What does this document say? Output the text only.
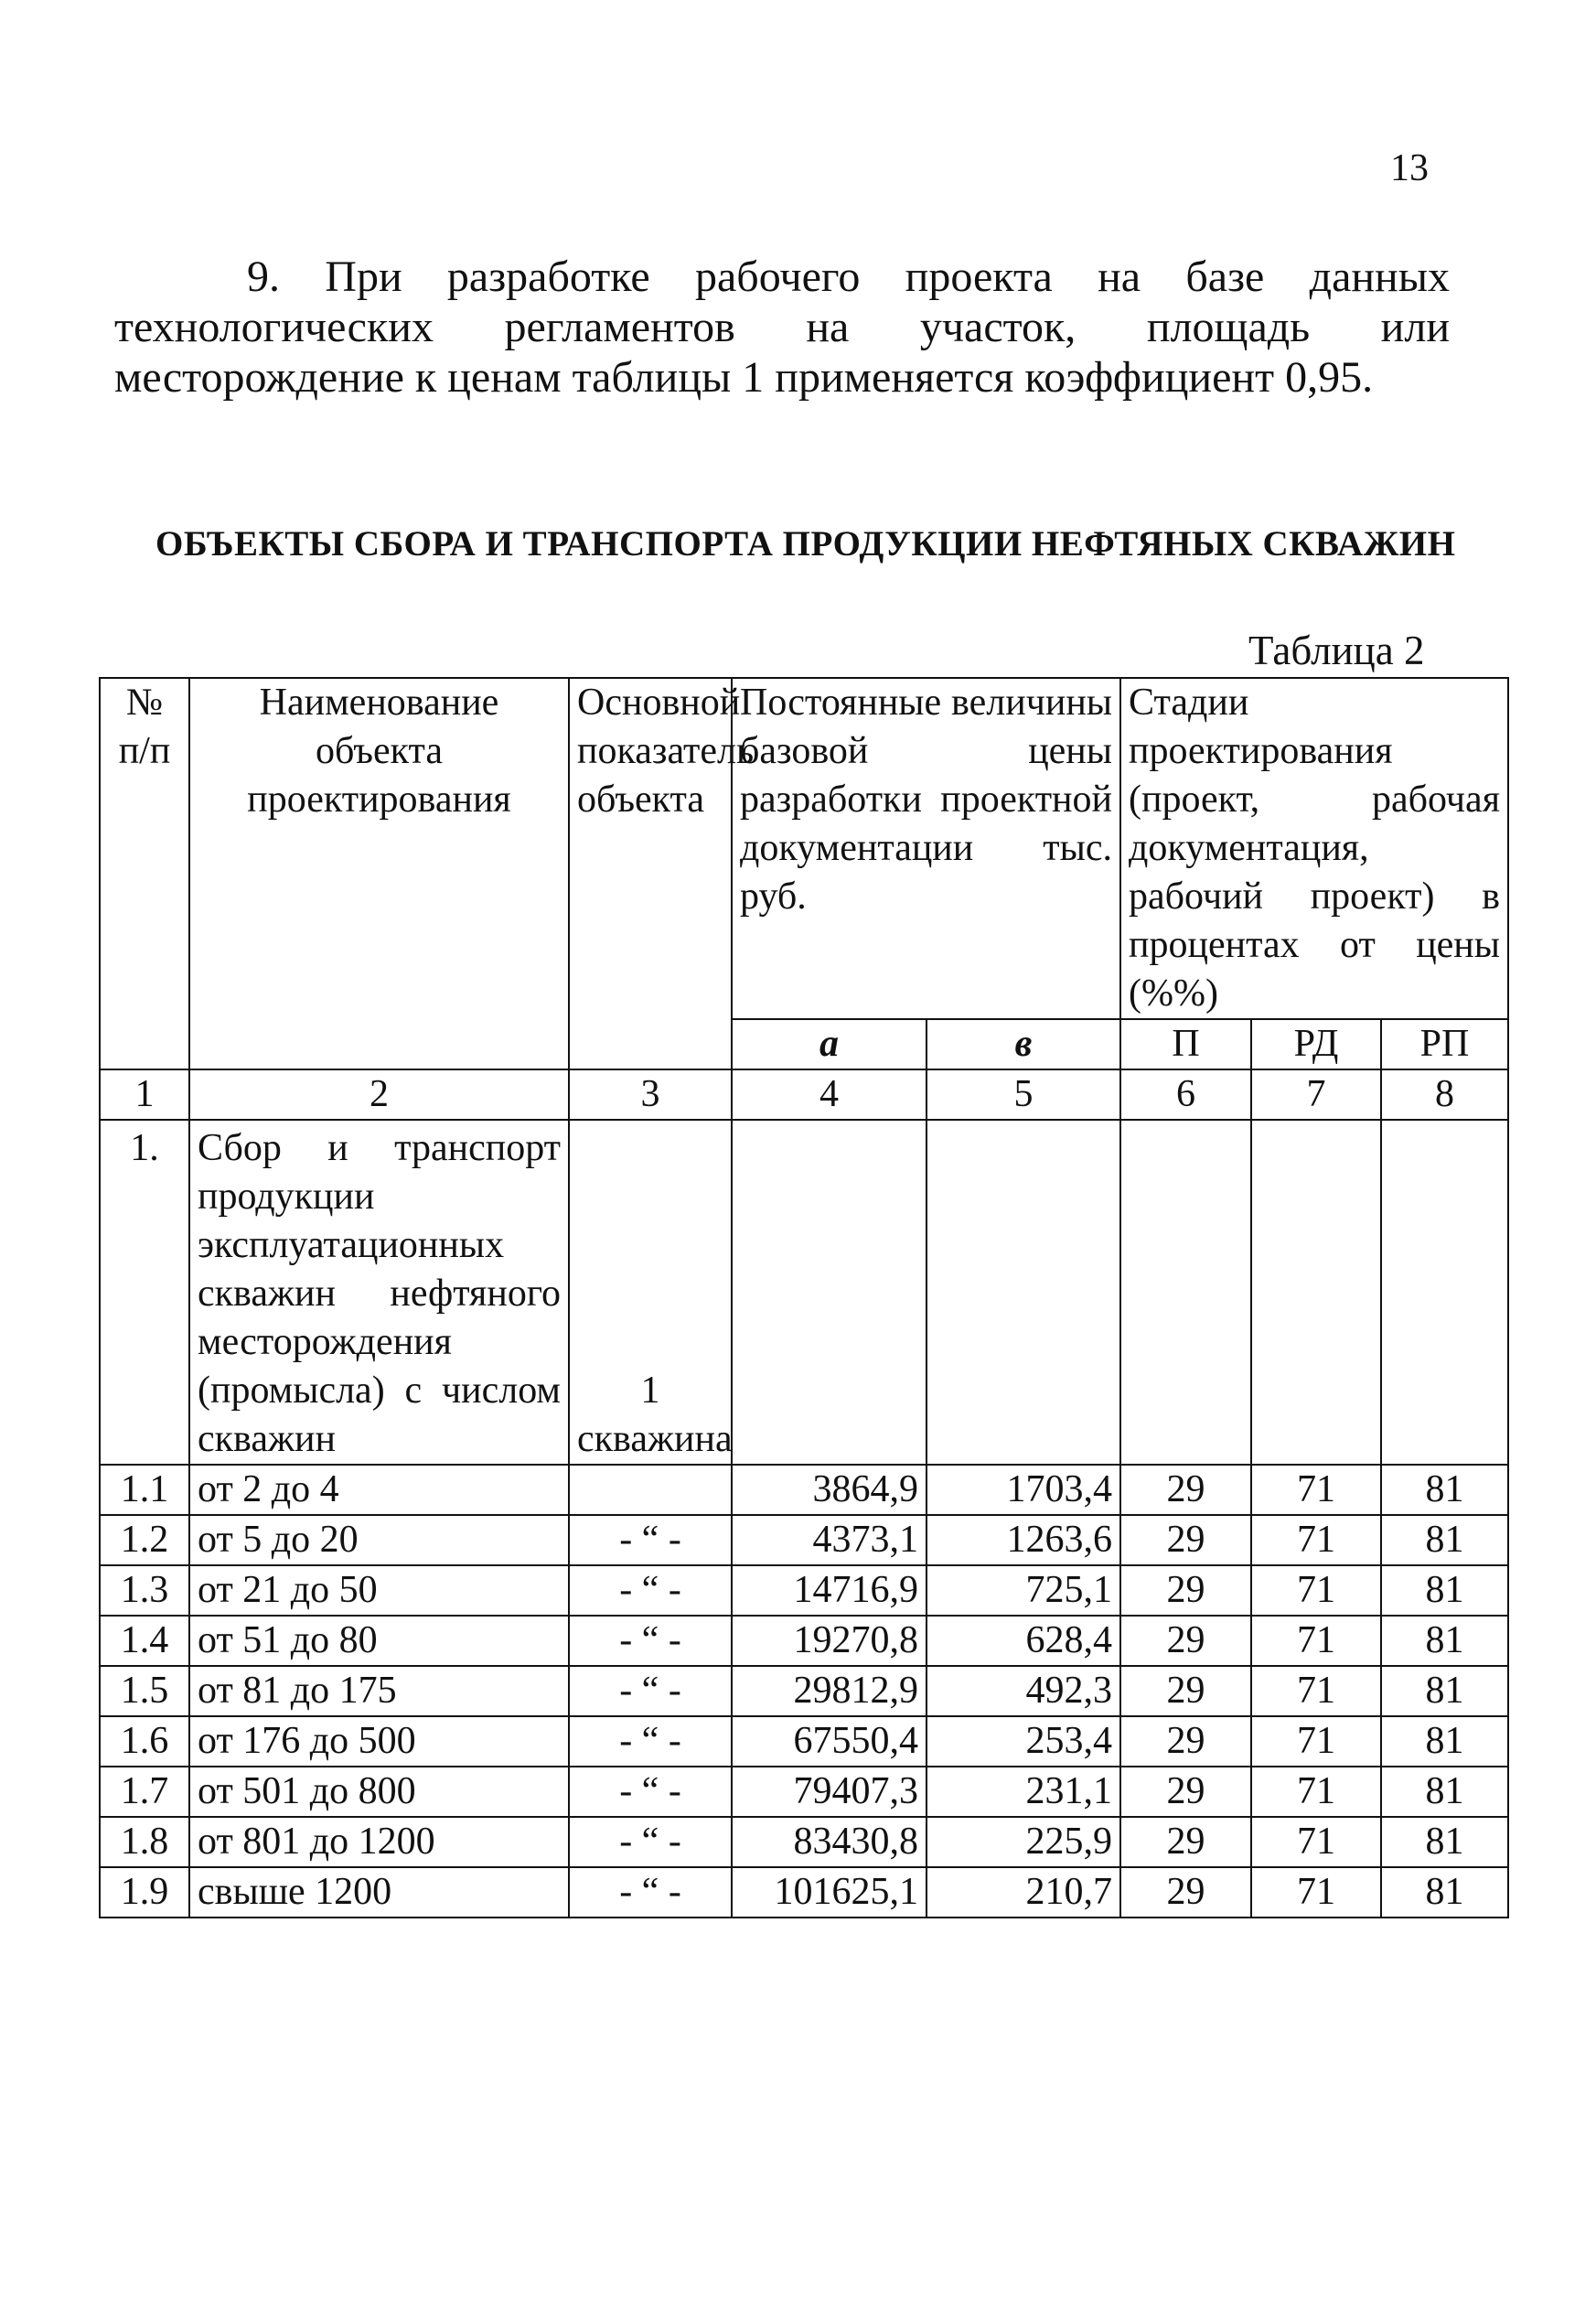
13

9. При разработке рабочего проекта на базе данных технологических регламентов на участок, площадь или месторождение к ценам таблицы 1 применяется коэффициент 0,95.

ОБЪЕКТЫ СБОРА И ТРАНСПОРТА ПРОДУКЦИИ НЕФТЯНЫХ СКВАЖИН
Таблица 2
№ п/п	Наименование объекта проектирования	Основной показатель объекта	Постоянные величины базовой цены разработки проектной документации тыс. руб.		Стадии проектирования (проект, рабочая документация, рабочий проект) в процентах от цены (%%)		
			а	в	П	РД	РП
1	2	3	4	5	6	7	8
1.	Сбор и транспорт продукции эксплуатационных скважин нефтяного месторождения (промысла) с числом скважин	1 скважина					
1.1	от 2 до 4		3864,9	1703,4	29	71	81
1.2	от 5 до 20	- “ -	4373,1	1263,6	29	71	81
1.3	от 21 до 50	- “ -	14716,9	725,1	29	71	81
1.4	от 51 до 80	- “ -	19270,8	628,4	29	71	81
1.5	от 81 до 175	- “ -	29812,9	492,3	29	71	81
1.6	от 176 до 500	- “ -	67550,4	253,4	29	71	81
1.7	от 501 до 800	- “ -	79407,3	231,1	29	71	81
1.8	от 801 до 1200	- “ -	83430,8	225,9	29	71	81
1.9	свыше 1200	- “ -	101625,1	210,7	29	71	81
